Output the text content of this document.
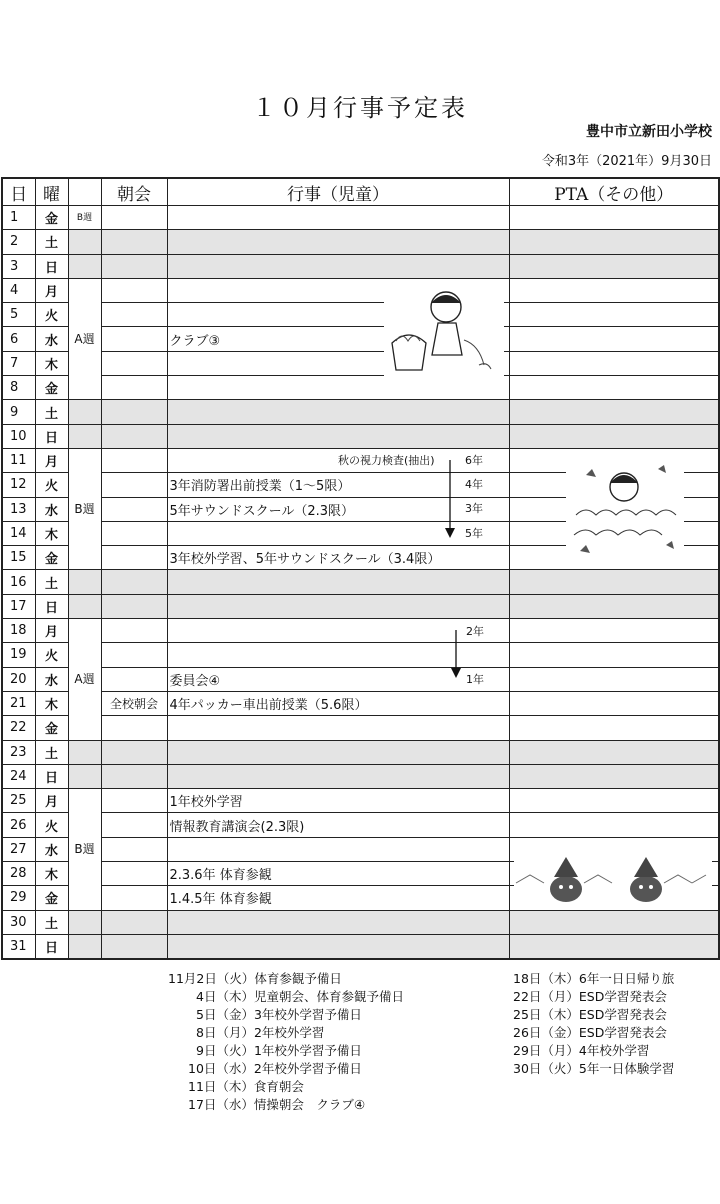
１０月行事予定表
豊中市立新田小学校
令和3年（2021年）9月30日
日	曜		朝会	行事（児童）	PTA（その他）
1	金	B週			
2	土				
3	日				
4	月	A週			
5	火				
6	水			クラブ③	
7	木				
8	金				
9	土				
10	日				
11	月	B週			
12	火			3年消防署出前授業（1～5限）	
13	水			5年サウンドスクール（2.3限）	
14	木				
15	金			3年校外学習、5年サウンドスクール（3.4限）	
16	土				
17	日				
18	月	A週			
19	火				
20	水			委員会④	
21	木		全校朝会	4年パッカー車出前授業（5.6限）	
22	金				
23	土				
24	日				
25	月	B週		1年校外学習	
26	火			情報教育講演会(2.3限)	
27	水				
28	木			2.3.6年 体育参観	
29	金			1.4.5年 体育参観	
30	土				
31	日				
秋の視力検査(抽出)	6年
4年
3年
5年
2年
1年
11月2日（火）体育参観予備日
4日（木）児童朝会、体育参観予備日
5日（金）3年校外学習予備日
8日（月）2年校外学習
9日（火）1年校外学習予備日
10日（水）2年校外学習予備日
11日（木）食育朝会
17日（水）情操朝会　クラブ④
18日（木）6年一日日帰り旅
22日（月）ESD学習発表会
25日（木）ESD学習発表会
26日（金）ESD学習発表会
29日（月）4年校外学習
30日（火）5年一日体験学習
